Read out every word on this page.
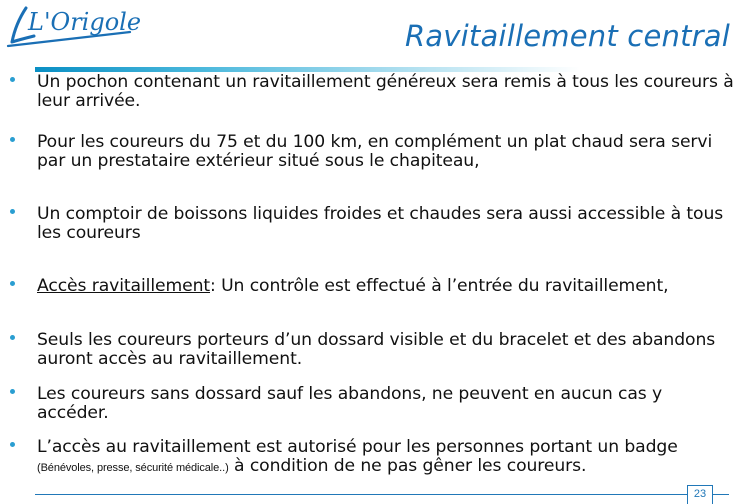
L'Origole	Ravitaillement central
Un pochon contenant un ravitaillement généreux sera remis à tous les coureurs à leur arrivée.
Pour les coureurs du 75 et du 100 km, en complément un plat chaud sera servi par un prestataire extérieur situé sous le chapiteau,
Un comptoir de boissons liquides froides et chaudes sera aussi accessible à tous les coureurs
Accès ravitaillement: Un contrôle est effectué à l’entrée du ravitaillement,
Seuls les coureurs porteurs d’un dossard visible et du bracelet et des abandons auront accès au ravitaillement.
Les coureurs sans dossard sauf les abandons, ne peuvent en aucun cas y accéder.
L’accès au ravitaillement est autorisé pour les personnes portant un badge (Bénévoles, presse, sécurité médicale..) à condition de ne pas gêner les coureurs.
23
